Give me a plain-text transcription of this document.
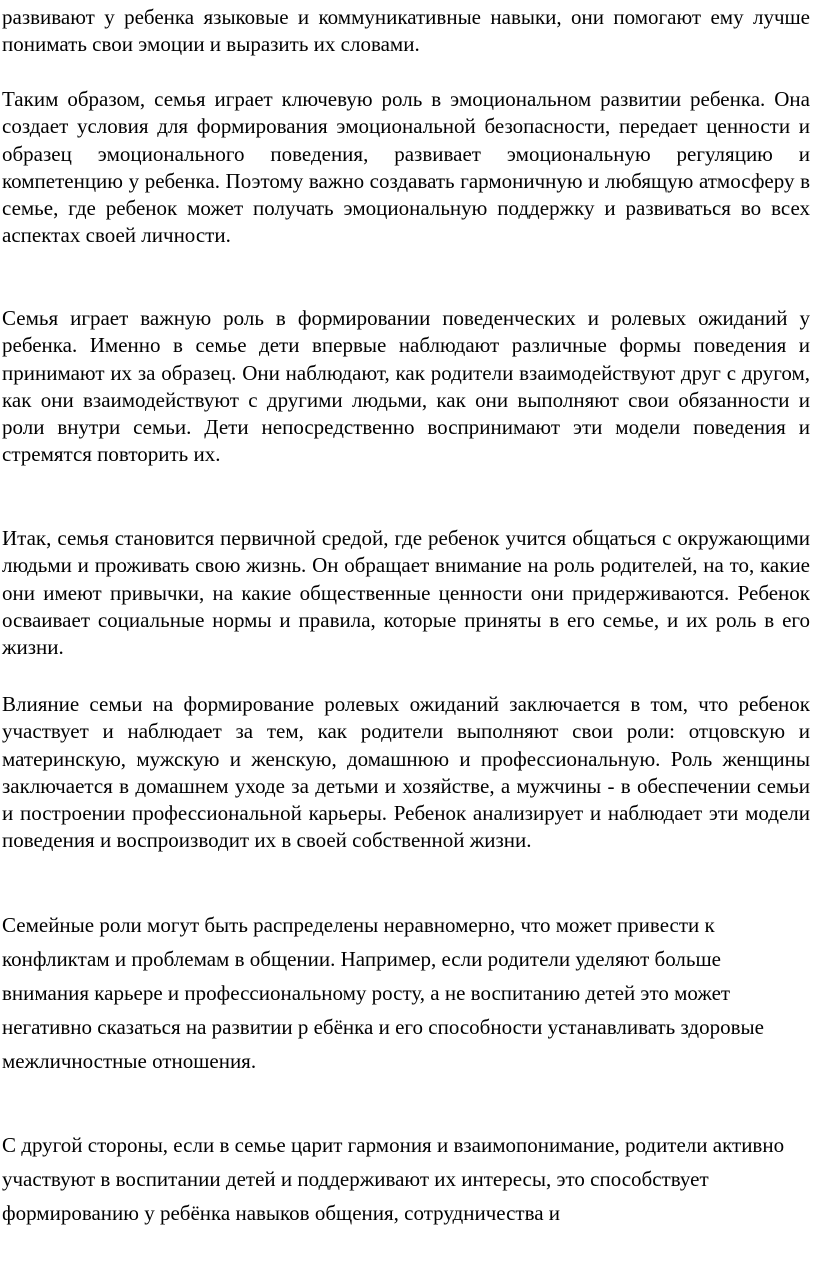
развивают у ребенка языковые и коммуникативные навыки, они помогают ему лучше понимать свои эмоции и выразить их словами.

Таким образом, семья играет ключевую роль в эмоциональном развитии ребенка. Она создает условия для формирования эмоциональной безопасности, передает ценности и образец эмоционального поведения, развивает эмоциональную регуляцию и компетенцию у ребенка. Поэтому важно создавать гармоничную и любящую атмосферу в семье, где ребенок может получать эмоциональную поддержку и развиваться во всех аспектах своей личности.

Семья играет важную роль в формировании поведенческих и ролевых ожиданий у ребенка. Именно в семье дети впервые наблюдают различные формы поведения и принимают их за образец. Они наблюдают, как родители взаимодействуют друг с другом, как они взаимодействуют с другими людьми, как они выполняют свои обязанности и роли внутри семьи. Дети непосредственно воспринимают эти модели поведения и стремятся повторить их.

Итак, семья становится первичной средой, где ребенок учится общаться с окружающими людьми и проживать свою жизнь. Он обращает внимание на роль родителей, на то, какие они имеют привычки, на какие общественные ценности они придерживаются. Ребенок осваивает социальные нормы и правила, которые приняты в его семье, и их роль в его жизни.

Влияние семьи на формирование ролевых ожиданий заключается в том, что ребенок участвует и наблюдает за тем, как родители выполняют свои роли: отцовскую и материнскую, мужскую и женскую, домашнюю и профессиональную. Роль женщины заключается в домашнем уходе за детьми и хозяйстве, а мужчины - в обеспечении семьи и построении профессиональной карьеры. Ребенок анализирует и наблюдает эти модели поведения и воспроизводит их в своей собственной жизни.

Семейные роли могут быть распределены неравномерно, что может привести к конфликтам и проблемам в общении. Например, если родители уделяют больше внимания карьере и профессиональному росту, а не воспитанию детей это может негативно сказаться на развитии р ебёнка и его способности устанавливать здоровые межличностные отношения.

С другой стороны, если в семье царит гармония и взаимопонимание, родители активно участвуют в воспитании детей и поддерживают их интересы, это способствует формированию у ребёнка навыков общения, сотрудничества и
